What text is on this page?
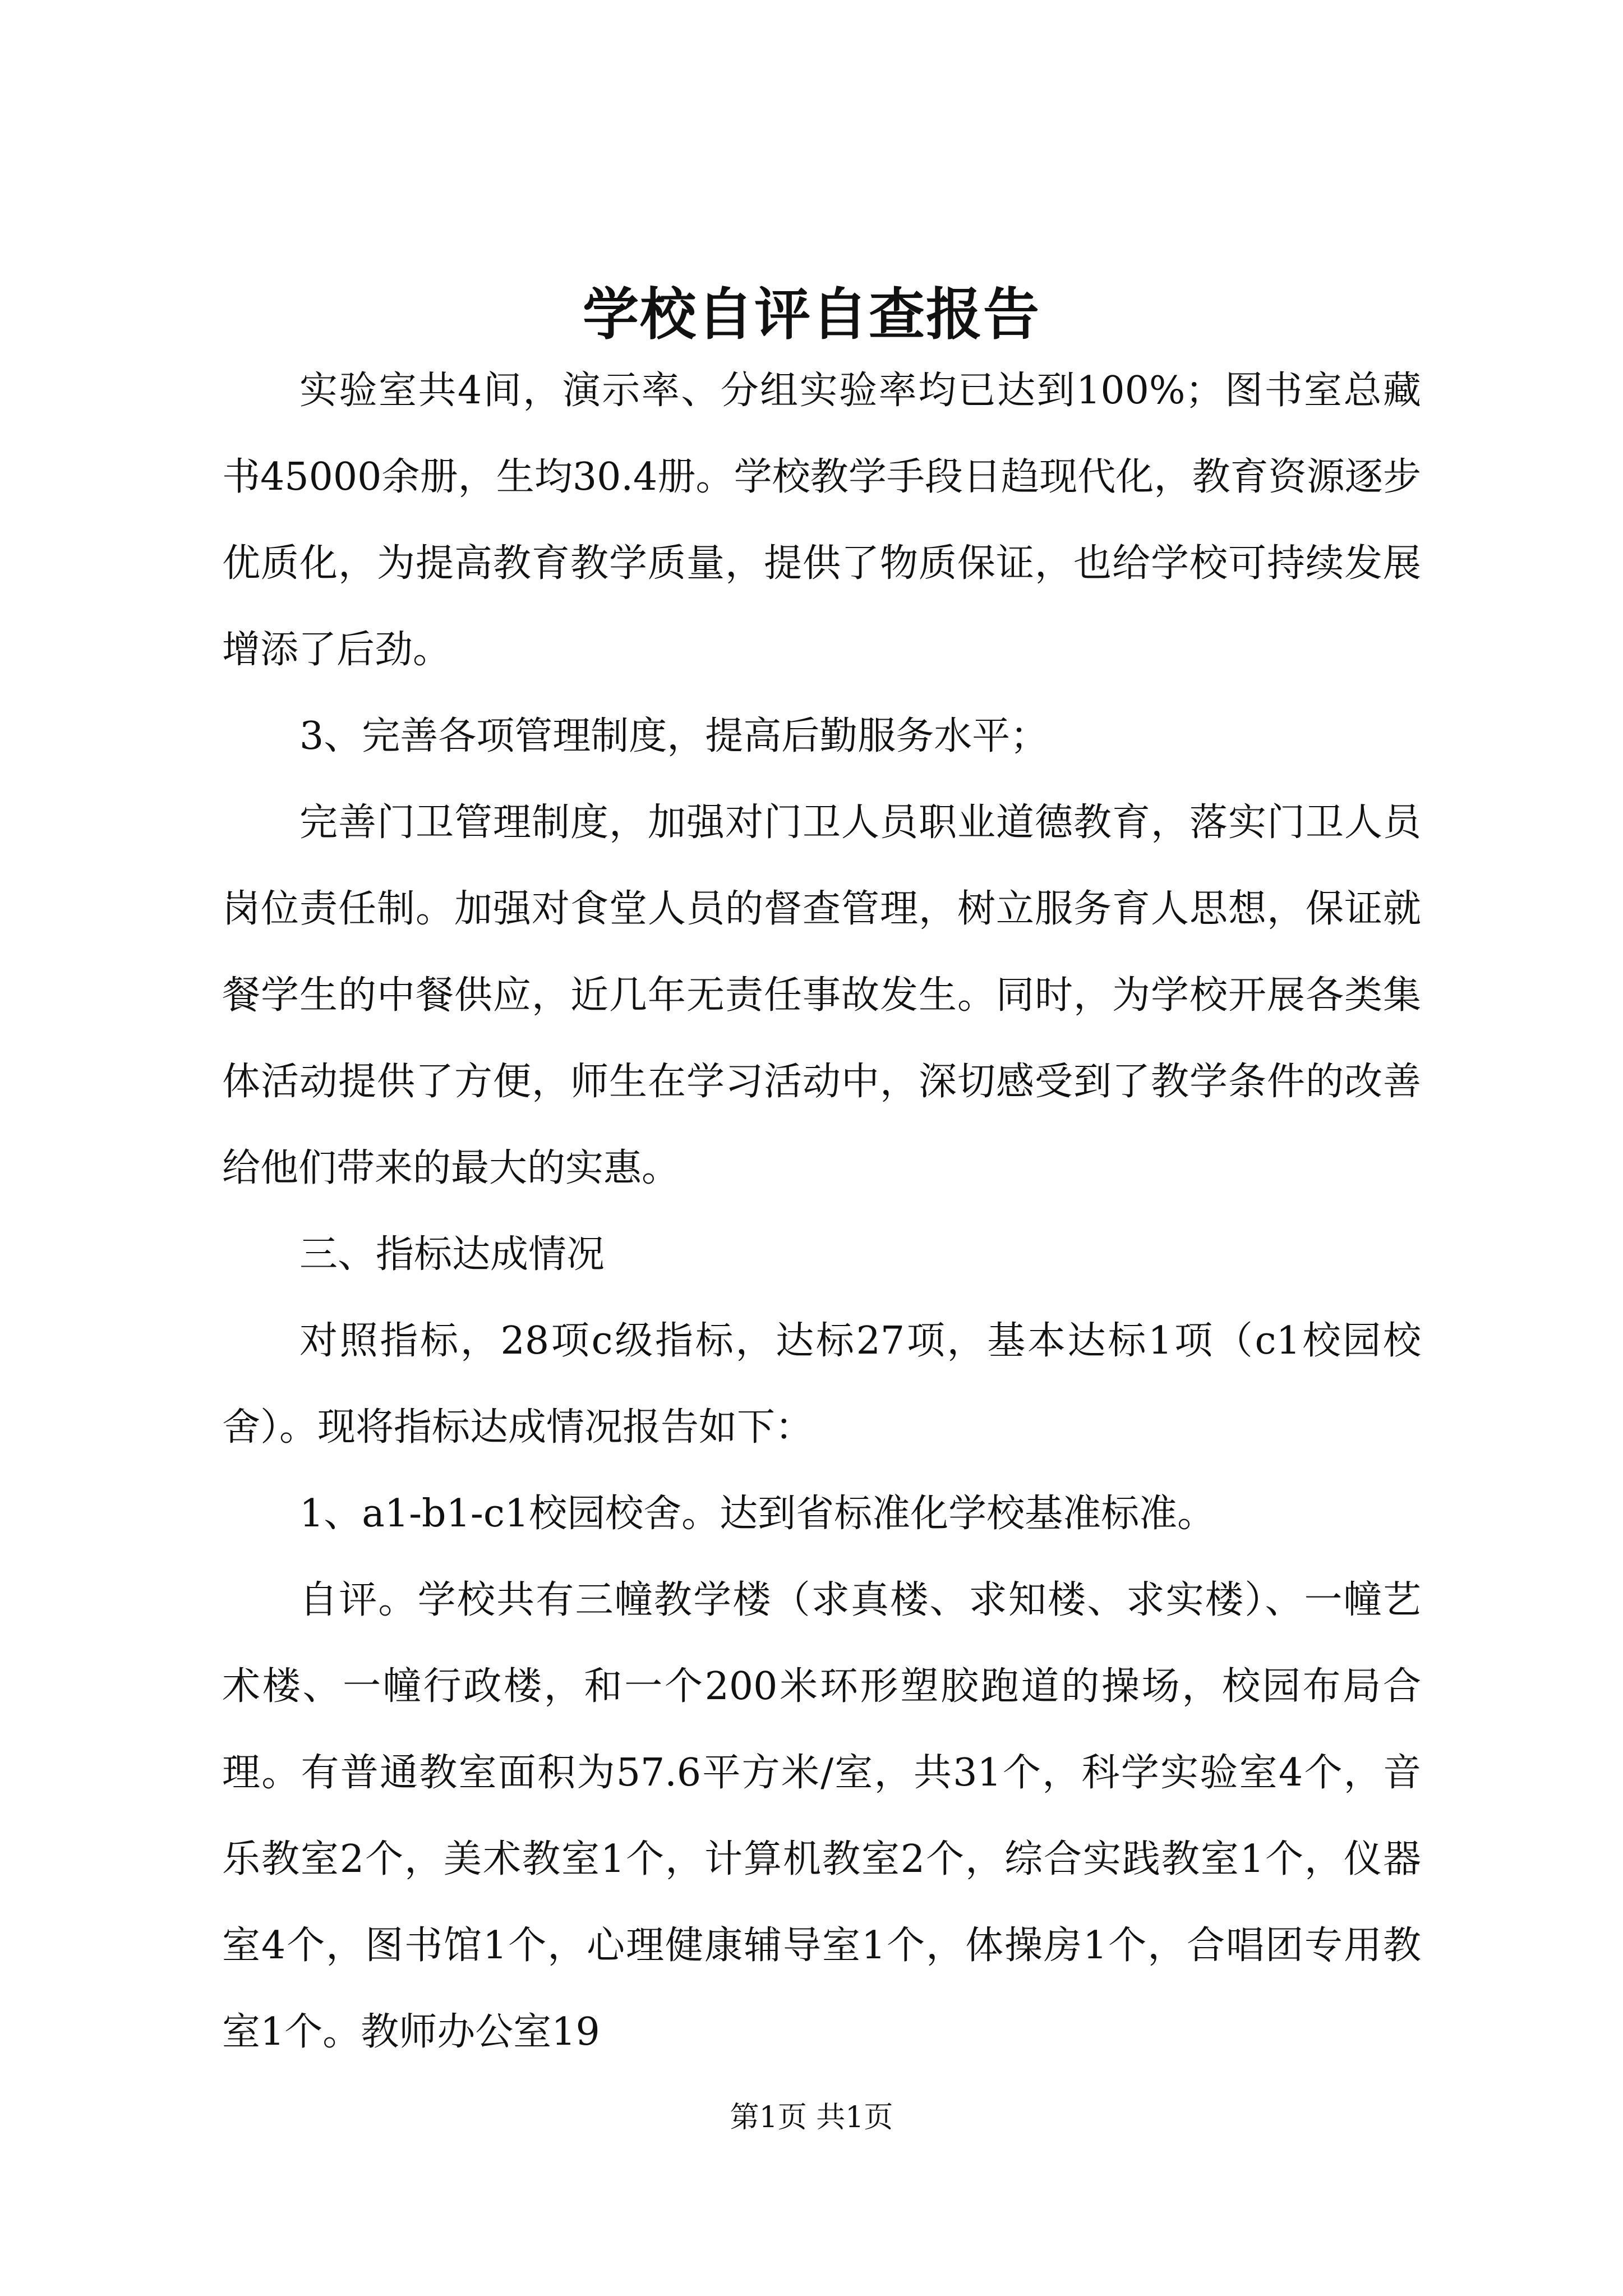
学校自评自查报告

实验室共4间，演示率、分组实验率均已达到100%；图书室总藏书45000余册，生均30.4册。学校教学手段日趋现代化，教育资源逐步优质化，为提高教育教学质量，提供了物质保证，也给学校可持续发展增添了后劲。

3、完善各项管理制度，提高后勤服务水平；

完善门卫管理制度，加强对门卫人员职业道德教育，落实门卫人员岗位责任制。加强对食堂人员的督查管理，树立服务育人思想，保证就餐学生的中餐供应，近几年无责任事故发生。同时，为学校开展各类集体活动提供了方便，师生在学习活动中，深切感受到了教学条件的改善给他们带来的最大的实惠。

三、指标达成情况

对照指标，28项c级指标，达标27项，基本达标1项（c1校园校舍）。现将指标达成情况报告如下：

1、a1-b1-c1校园校舍。达到省标准化学校基准标准。

自评。学校共有三幢教学楼（求真楼、求知楼、求实楼）、一幢艺术楼、一幢行政楼，和一个200米环形塑胶跑道的操场，校园布局合理。有普通教室面积为57.6平方米/室，共31个，科学实验室4个，音乐教室2个，美术教室1个，计算机教室2个，综合实践教室1个，仪器室4个，图书馆1个，心理健康辅导室1个，体操房1个，合唱团专用教室1个。教师办公室19

第1页 共1页
